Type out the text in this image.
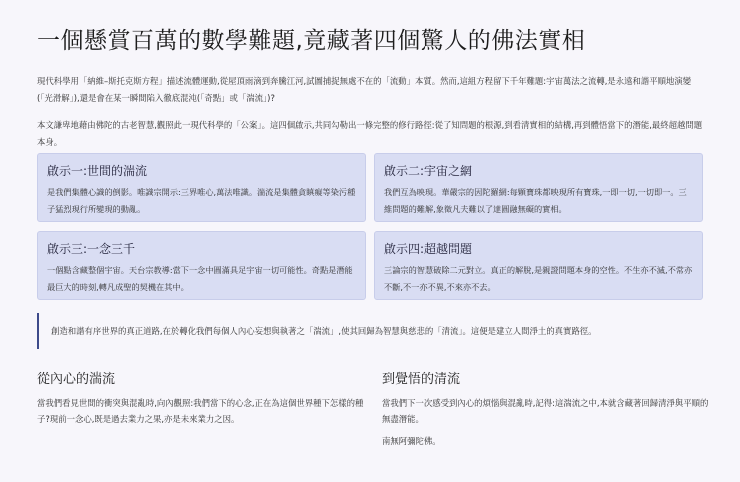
一個懸賞百萬的數學難題,竟藏著四個驚人的佛法實相

現代科學用「納維–斯托克斯方程」描述流體運動,從屋頂雨滴到奔騰江河,試圖捕捉無處不在的「流動」本質。然而,這組方程留下千年難題:宇宙萬法之流轉,是永遠和諧平順地演變(「光滑解」),還是會在某一瞬間陷入徹底混沌(「奇點」或「湍流」)?

本文謙卑地藉由佛陀的古老智慧,觀照此一現代科學的「公案」。這四個啟示,共同勾勒出一條完整的修行路徑:從了知問題的根源,到看清實相的結構,再到體悟當下的潛能,最終超越問題本身。

啟示一:世間的湍流

是我們集體心識的倒影。唯識宗開示:三界唯心,萬法唯識。湍流是集體貪瞋癡等染污種子猛烈現行所變現的動亂。

啟示二:宇宙之網

我們互為映現。華嚴宗的因陀羅網:每顆寶珠都映現所有寶珠,一即一切,一切即一。三維問題的難解,象徵凡夫難以了達圓融無礙的實相。

啟示三:一念三千

一個點含藏整個宇宙。天台宗教導:當下一念中圓滿具足宇宙一切可能性。奇點是潛能最巨大的時刻,轉凡成聖的契機在其中。

啟示四:超越問題

三論宗的智慧破除二元對立。真正的解脫,是親證問題本身的空性。不生亦不滅,不常亦不斷,不一亦不異,不來亦不去。

創造和諧有序世界的真正道路,在於轉化我們每個人內心妄想與執著之「湍流」,使其回歸為智慧與慈悲的「清流」。這便是建立人間淨土的真實路徑。

從內心的湍流

當我們看見世間的衝突與混亂時,向內觀照:我們當下的心念,正在為這個世界種下怎樣的種子?現前一念心,既是過去業力之果,亦是未來業力之因。

到覺悟的清流

當我們下一次感受到內心的煩惱與混亂時,記得:這湍流之中,本就含藏著回歸清淨與平順的無盡潛能。

南無阿彌陀佛。
